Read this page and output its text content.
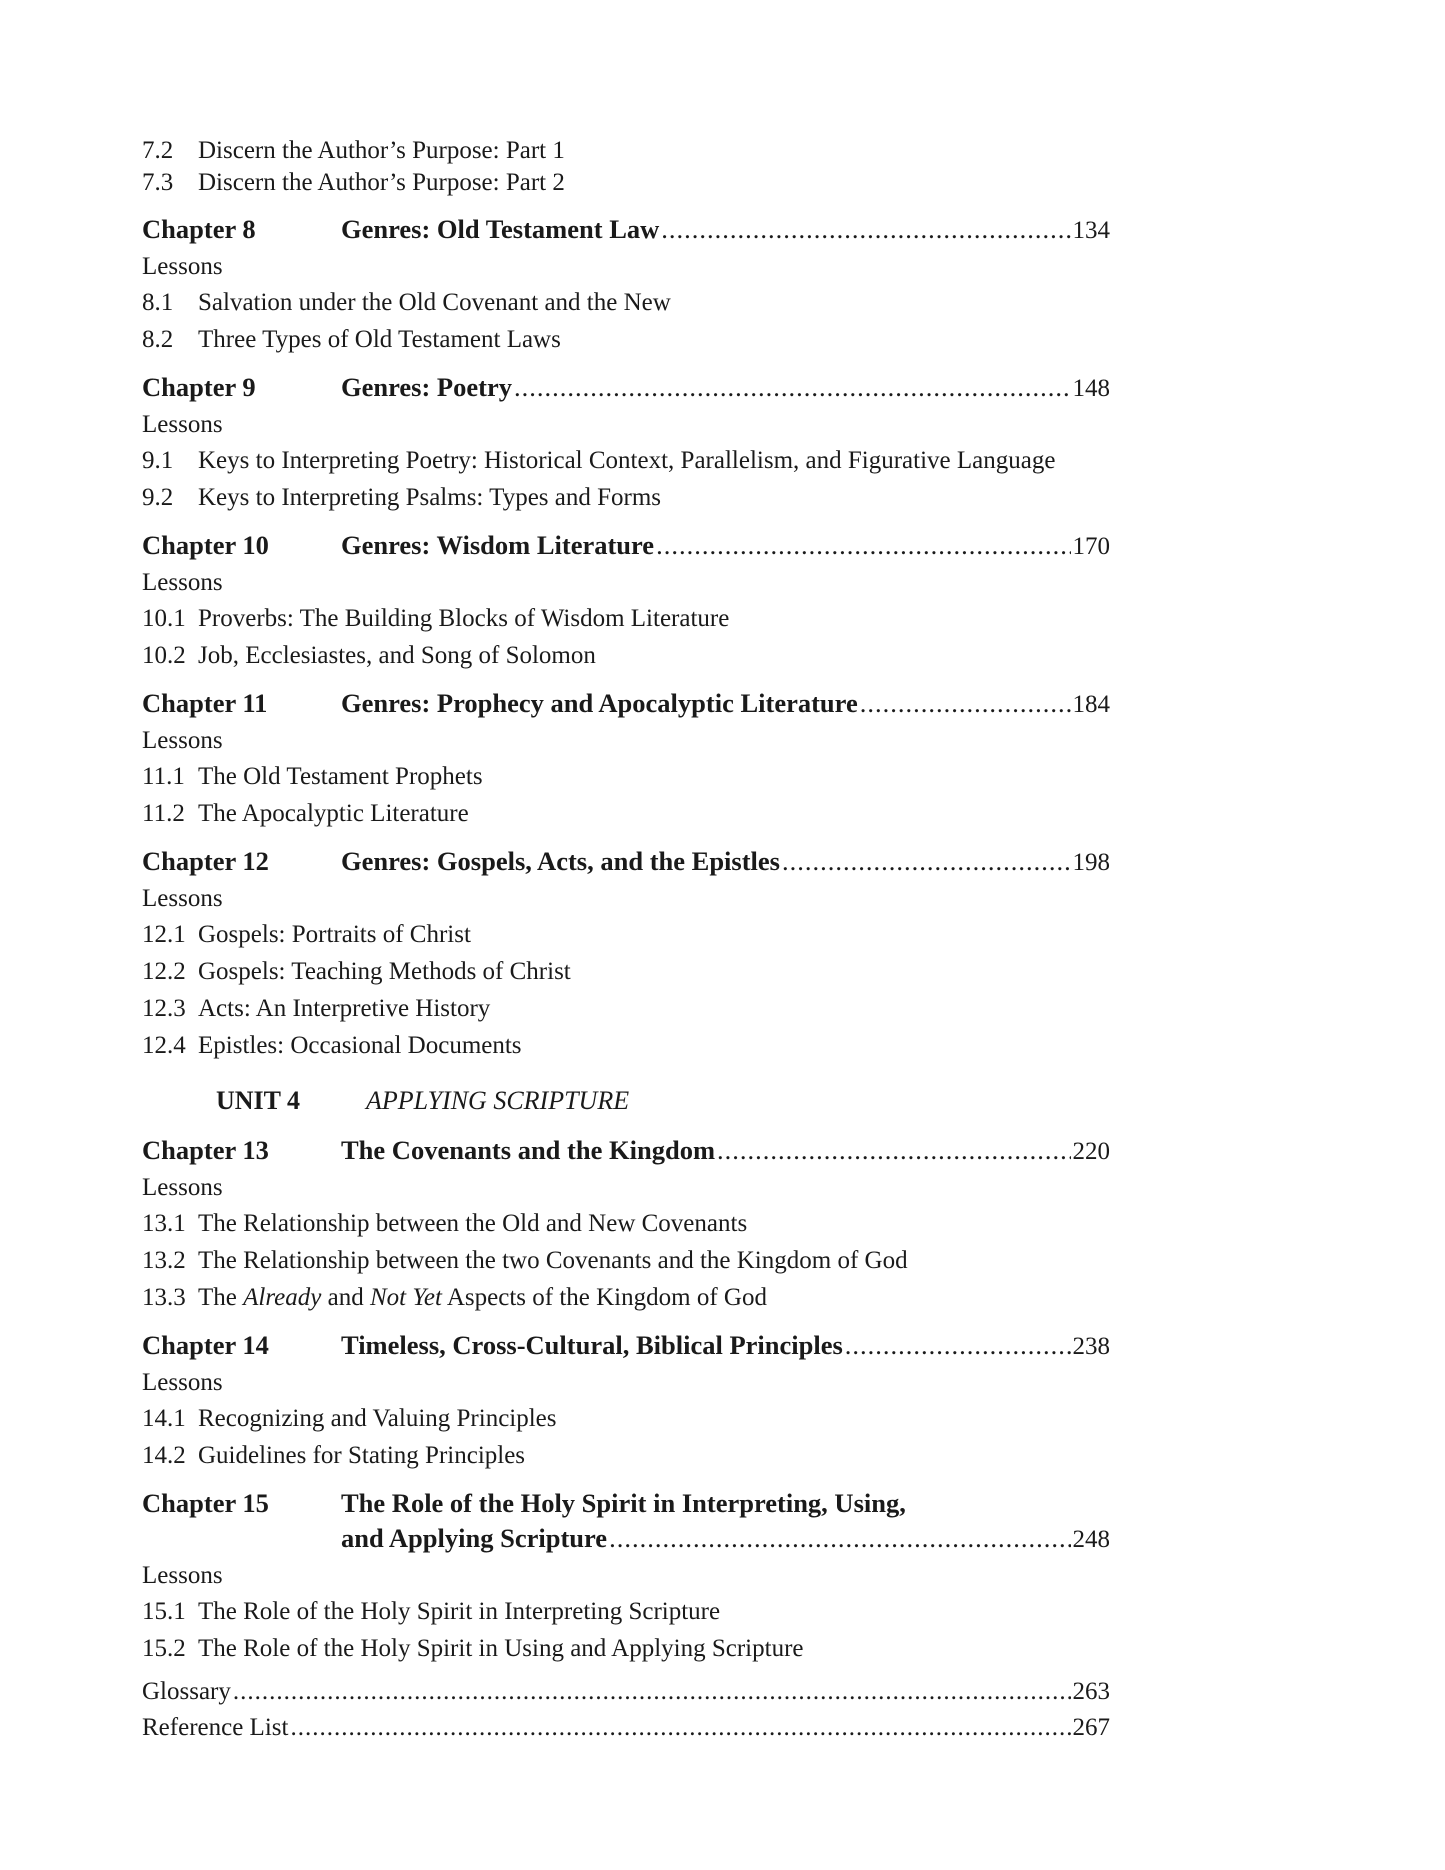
7.2 Discern the Author’s Purpose: Part 1
7.3 Discern the Author’s Purpose: Part 2
Chapter 8	Genres: Old Testament Law .....	134
Lessons
8.1 Salvation under the Old Covenant and the New
8.2 Three Types of Old Testament Laws
Chapter 9	Genres: Poetry .....	148
Lessons
9.1 Keys to Interpreting Poetry: Historical Context, Parallelism, and Figurative Language
9.2 Keys to Interpreting Psalms: Types and Forms
Chapter 10	Genres: Wisdom Literature .....	170
Lessons
10.1 Proverbs: The Building Blocks of Wisdom Literature
10.2 Job, Ecclesiastes, and Song of Solomon
Chapter 11	Genres: Prophecy and Apocalyptic Literature .....	184
Lessons
11.1 The Old Testament Prophets
11.2 The Apocalyptic Literature
Chapter 12	Genres: Gospels, Acts, and the Epistles .....	198
Lessons
12.1 Gospels: Portraits of Christ
12.2 Gospels: Teaching Methods of Christ
12.3 Acts: An Interpretive History
12.4 Epistles: Occasional Documents
UNIT 4	APPLYING SCRIPTURE
Chapter 13	The Covenants and the Kingdom .....	220
Lessons
13.1 The Relationship between the Old and New Covenants
13.2 The Relationship between the two Covenants and the Kingdom of God
13.3 The Already and Not Yet Aspects of the Kingdom of God
Chapter 14	Timeless, Cross-Cultural, Biblical Principles .....	238
Lessons
14.1 Recognizing and Valuing Principles
14.2 Guidelines for Stating Principles
Chapter 15	The Role of the Holy Spirit in Interpreting, Using,
and Applying Scripture .....	248
Lessons
15.1 The Role of the Holy Spirit in Interpreting Scripture
15.2 The Role of the Holy Spirit in Using and Applying Scripture
Glossary .....	263
Reference List .....	267
